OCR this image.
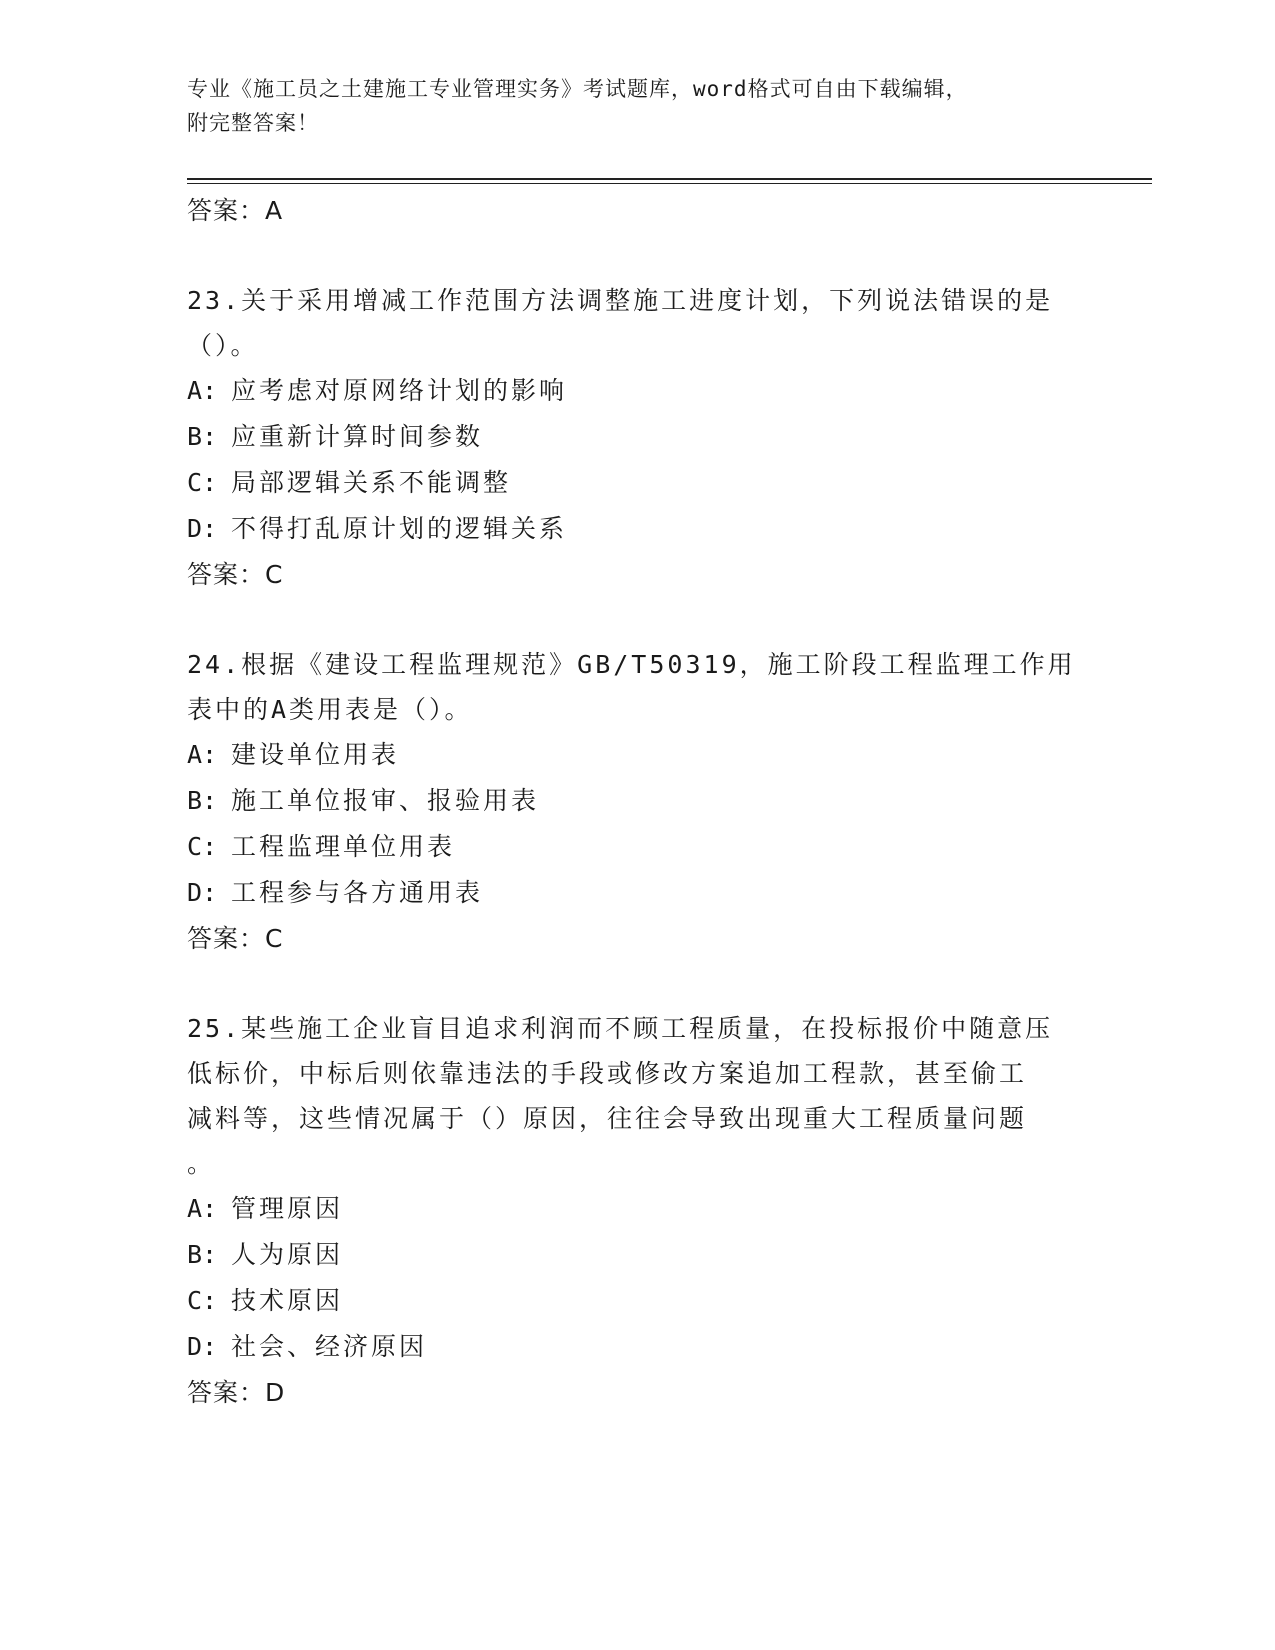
专业《施工员之土建施工专业管理实务》考试题库，word格式可自由下载编辑，
附完整答案！
答案：A
23.关于采用增减工作范围方法调整施工进度计划，下列说法错误的是
（）。
A: 应考虑对原网络计划的影响
B: 应重新计算时间参数
C: 局部逻辑关系不能调整
D: 不得打乱原计划的逻辑关系
答案：C
24.根据《建设工程监理规范》GB/T50319，施工阶段工程监理工作用
表中的A类用表是（）。
A: 建设单位用表
B: 施工单位报审、报验用表
C: 工程监理单位用表
D: 工程参与各方通用表
答案：C
25.某些施工企业盲目追求利润而不顾工程质量，在投标报价中随意压
低标价，中标后则依靠违法的手段或修改方案追加工程款，甚至偷工
减料等，这些情况属于（）原因，往往会导致出现重大工程质量问题
。
A: 管理原因
B: 人为原因
C: 技术原因
D: 社会、经济原因
答案：D
